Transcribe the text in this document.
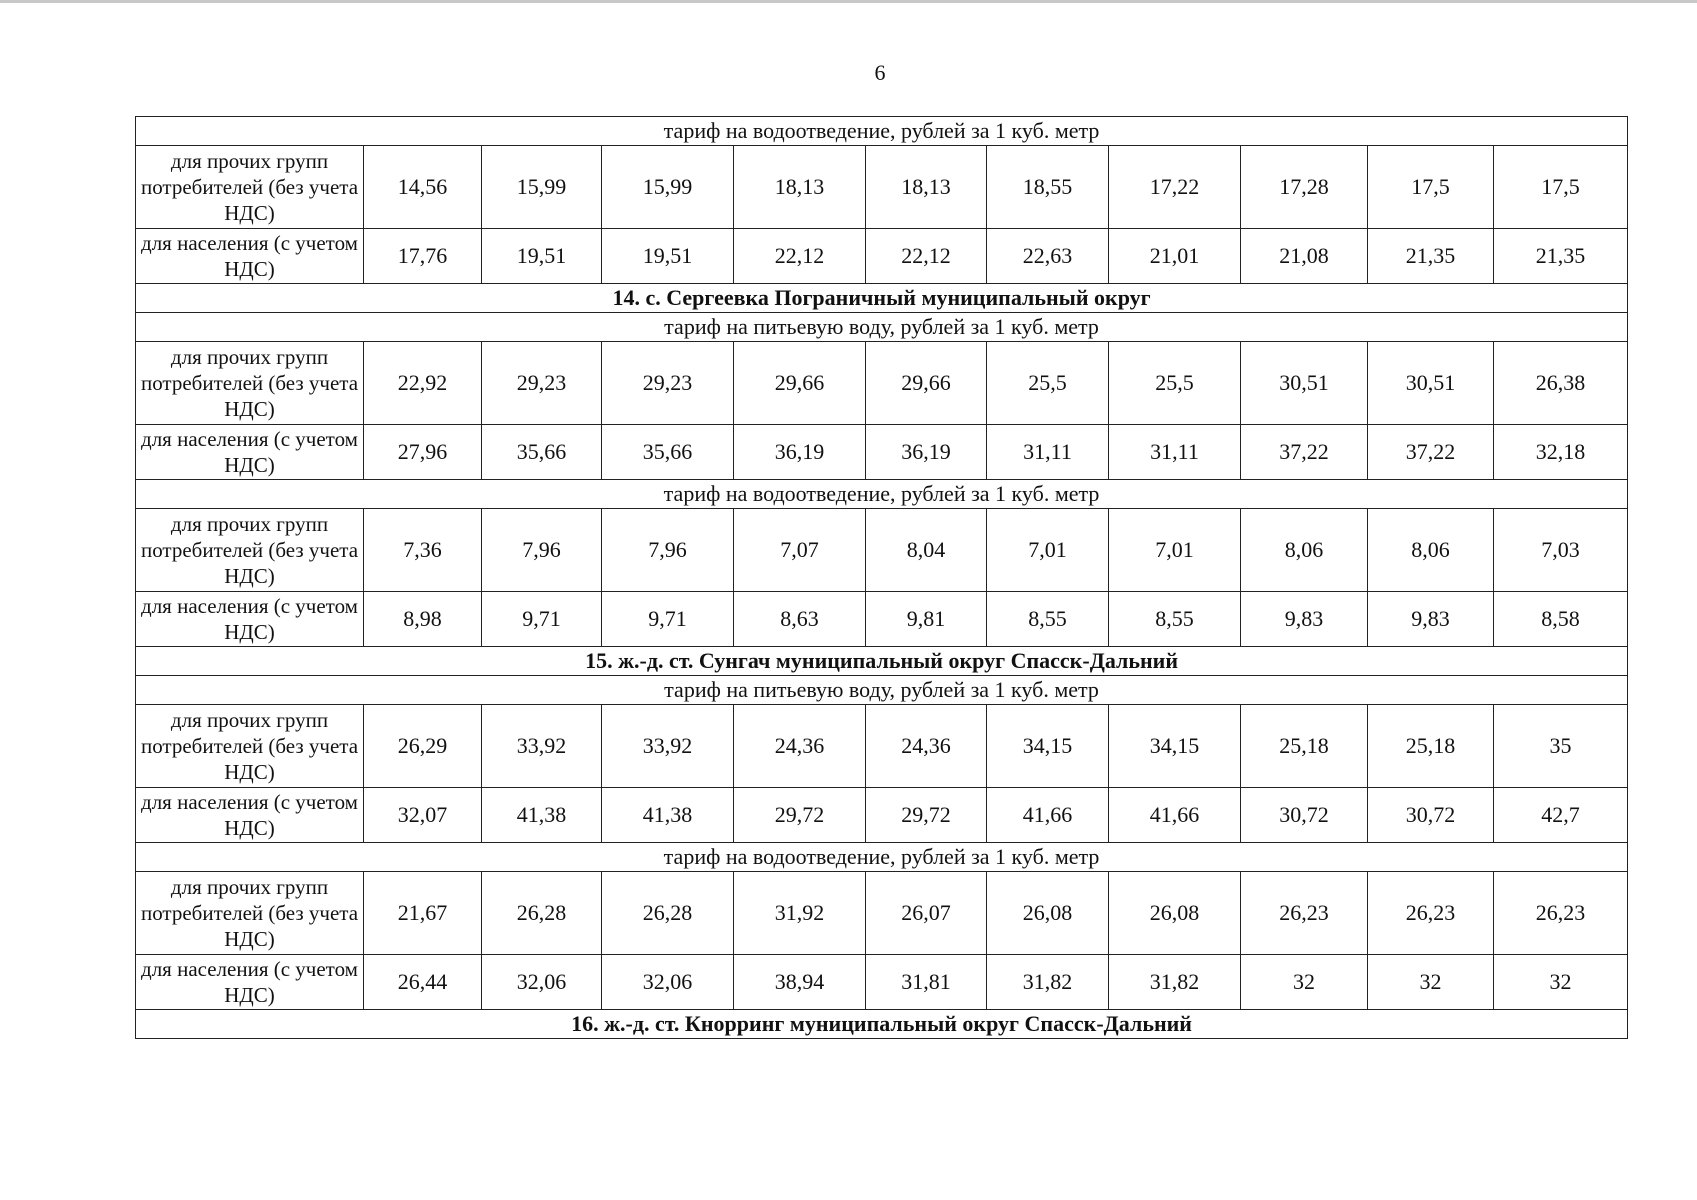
6
тариф на водоотведение, рублей за 1 куб. метр										
для прочих групп потребителей (без учета НДС)	14,56	15,99	15,99	18,13	18,13	18,55	17,22	17,28	17,5	17,5
для населения (с учетом НДС)	17,76	19,51	19,51	22,12	22,12	22,63	21,01	21,08	21,35	21,35
14. с. Сергеевка Пограничный муниципальный округ										
тариф на питьевую воду, рублей за 1 куб. метр										
для прочих групп потребителей (без учета НДС)	22,92	29,23	29,23	29,66	29,66	25,5	25,5	30,51	30,51	26,38
для населения (с учетом НДС)	27,96	35,66	35,66	36,19	36,19	31,11	31,11	37,22	37,22	32,18
тариф на водоотведение, рублей за 1 куб. метр										
для прочих групп потребителей (без учета НДС)	7,36	7,96	7,96	7,07	8,04	7,01	7,01	8,06	8,06	7,03
для населения (с учетом НДС)	8,98	9,71	9,71	8,63	9,81	8,55	8,55	9,83	9,83	8,58
15. ж.-д. ст. Сунгач муниципальный округ Спасск-Дальний										
тариф на питьевую воду, рублей за 1 куб. метр										
для прочих групп потребителей (без учета НДС)	26,29	33,92	33,92	24,36	24,36	34,15	34,15	25,18	25,18	35
для населения (с учетом НДС)	32,07	41,38	41,38	29,72	29,72	41,66	41,66	30,72	30,72	42,7
тариф на водоотведение, рублей за 1 куб. метр										
для прочих групп потребителей (без учета НДС)	21,67	26,28	26,28	31,92	26,07	26,08	26,08	26,23	26,23	26,23
для населения (с учетом НДС)	26,44	32,06	32,06	38,94	31,81	31,82	31,82	32	32	32
16. ж.-д. ст. Кнорринг муниципальный округ Спасск-Дальний										
